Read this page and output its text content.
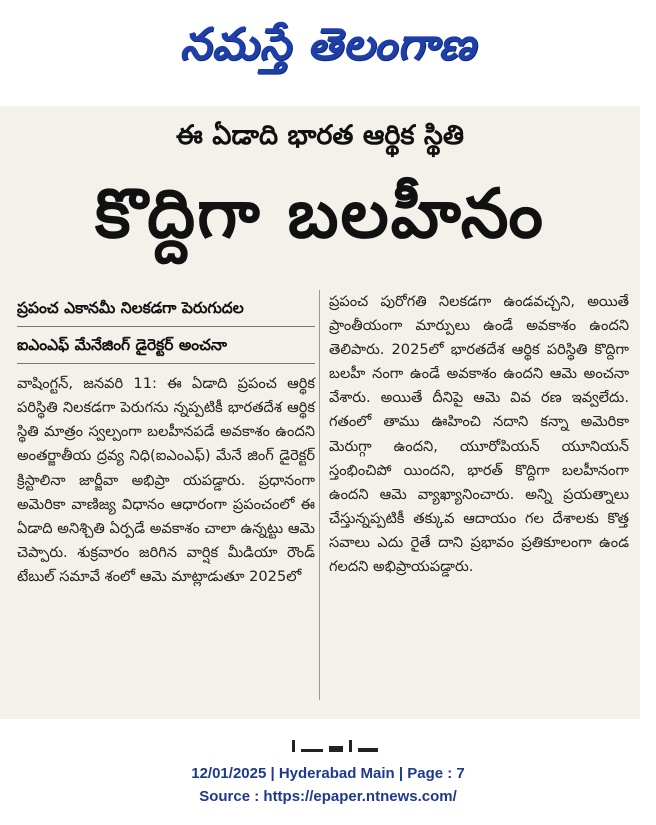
నమస్తే తెలంగాణ
ఈ ఏడాది భారత ఆర్థిక స్థితి
కొద్దిగా బలహీనం
ప్రపంచ ఎకానమీ నిలకడగా పెరుగుదల
ఐఎంఎఫ్ మేనేజింగ్ డైరెక్టర్ అంచనా
వాషింగ్టన్, జనవరి 11: ఈ ఏడాది ప్రపంచ ఆర్థిక పరిస్థితి నిలకడగా పెరుగను న్నప్పటికీ భారతదేశ ఆర్థిక స్థితి మాత్రం స్వల్పంగా బలహీనపడే అవకాశం ఉందని అంతర్జాతీయ ద్రవ్య నిధి(ఐఎంఎఫ్) మేనే జింగ్ డైరెక్టర్ క్రిస్టాలినా జార్జీవా అభిప్రా యపడ్డారు. ప్రధానంగా అమెరికా వాణిజ్య విధానం ఆధారంగా ప్రపంచంలో ఈ ఏడాది అనిశ్చితి ఏర్పడే అవకాశం చాలా ఉన్నట్టు ఆమె చెప్పారు. శుక్రవారం జరిగిన వార్షిక మీడియా రౌండ్ టేబుల్ సమావే శంలో ఆమె మాట్లాడుతూ 2025లో
ప్రపంచ పురోగతి నిలకడగా ఉండవచ్చని, అయితే ప్రాంతీయంగా మార్పులు ఉండే అవకాశం ఉందని తెలిపారు. 2025లో భారతదేశ ఆర్థిక పరిస్థితి కొద్దిగా బలహీ నంగా ఉండే అవకాశం ఉందని ఆమె అంచనా వేశారు. అయితే దీనిపై ఆమె వివ రణ ఇవ్వలేదు. గతంలో తాము ఊహించి నదాని కన్నా అమెరికా మెరుగ్గా ఉందని, యూరోపియన్ యూనియన్ స్తంభించిపో యిందని, భారత్ కొద్దిగా బలహీనంగా ఉందని ఆమె వ్యాఖ్యానించారు. అన్ని ప్రయత్నాలు చేస్తున్నప్పటికీ తక్కువ ఆదాయం గల దేశాలకు కొత్త సవాలు ఎదు రైతే దాని ప్రభావం ప్రతికూలంగా ఉండ గలదని అభిప్రాయపడ్డారు.
12/01/2025 | Hyderabad Main | Page : 7
Source : https://epaper.ntnews.com/
